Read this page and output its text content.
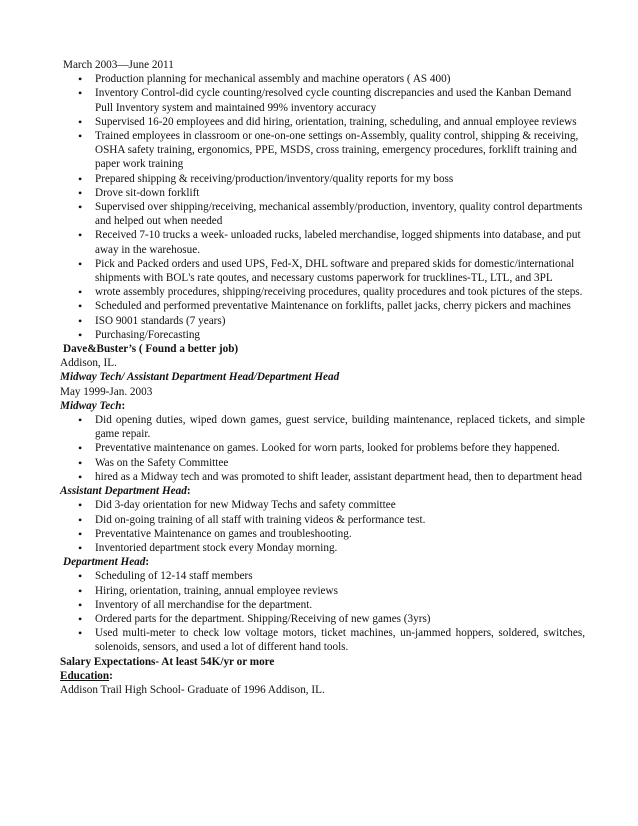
March 2003—June 2011

• Production planning for mechanical assembly and machine operators ( AS 400)
• Inventory Control-did cycle counting/resolved cycle counting discrepancies and used the Kanban Demand Pull Inventory system and maintained 99% inventory accuracy
• Supervised 16-20 employees and did hiring, orientation, training, scheduling, and annual employee reviews
• Trained employees in classroom or one-on-one settings on-Assembly, quality control, shipping & receiving, OSHA safety training, ergonomics, PPE, MSDS, cross training, emergency procedures, forklift training and paper work training
• Prepared shipping & receiving/production/inventory/quality reports for my boss
• Drove sit-down forklift
• Supervised over shipping/receiving, mechanical assembly/production, inventory, quality control departments and helped out when needed
• Received 7-10 trucks a week- unloaded rucks, labeled merchandise, logged shipments into database, and put away in the warehosue.
• Pick and Packed orders and used UPS, Fed-X, DHL software and prepared skids for domestic/international shipments with BOL's rate qoutes, and necessary customs paperwork for trucklines-TL, LTL, and 3PL
• wrote assembly procedures, shipping/receiving procedures, quality procedures and took pictures of the steps.
• Scheduled and performed preventative Maintenance on forklifts, pallet jacks, cherry pickers and machines
• ISO 9001 standards (7 years)
• Purchasing/Forecasting

Dave&Buster’s ( Found a better job)

Addison, IL.

Midway Tech/ Assistant Department Head/Department Head

May 1999-Jan. 2003

Midway Tech:

• Did opening duties, wiped down games, guest service, building maintenance, replaced tickets, and simple game repair.
• Preventative maintenance on games. Looked for worn parts, looked for problems before they happened.
• Was on the Safety Committee
• hired as a Midway tech and was promoted to shift leader, assistant department head, then to department head

Assistant Department Head:

• Did 3-day orientation for new Midway Techs and safety committee
• Did on-going training of all staff with training videos & performance test.
• Preventative Maintenance on games and troubleshooting.
• Inventoried department stock every Monday morning.

Department Head:

• Scheduling of 12-14 staff members
• Hiring, orientation, training, annual employee reviews
• Inventory of all merchandise for the department.
• Ordered parts for the department. Shipping/Receiving of new games (3yrs)
• Used multi-meter to check low voltage motors, ticket machines, un-jammed hoppers, soldered, switches, solenoids, sensors, and used a lot of different hand tools.

Salary Expectations- At least 54K/yr or more

Education:

Addison Trail High School- Graduate of 1996 Addison, IL.
